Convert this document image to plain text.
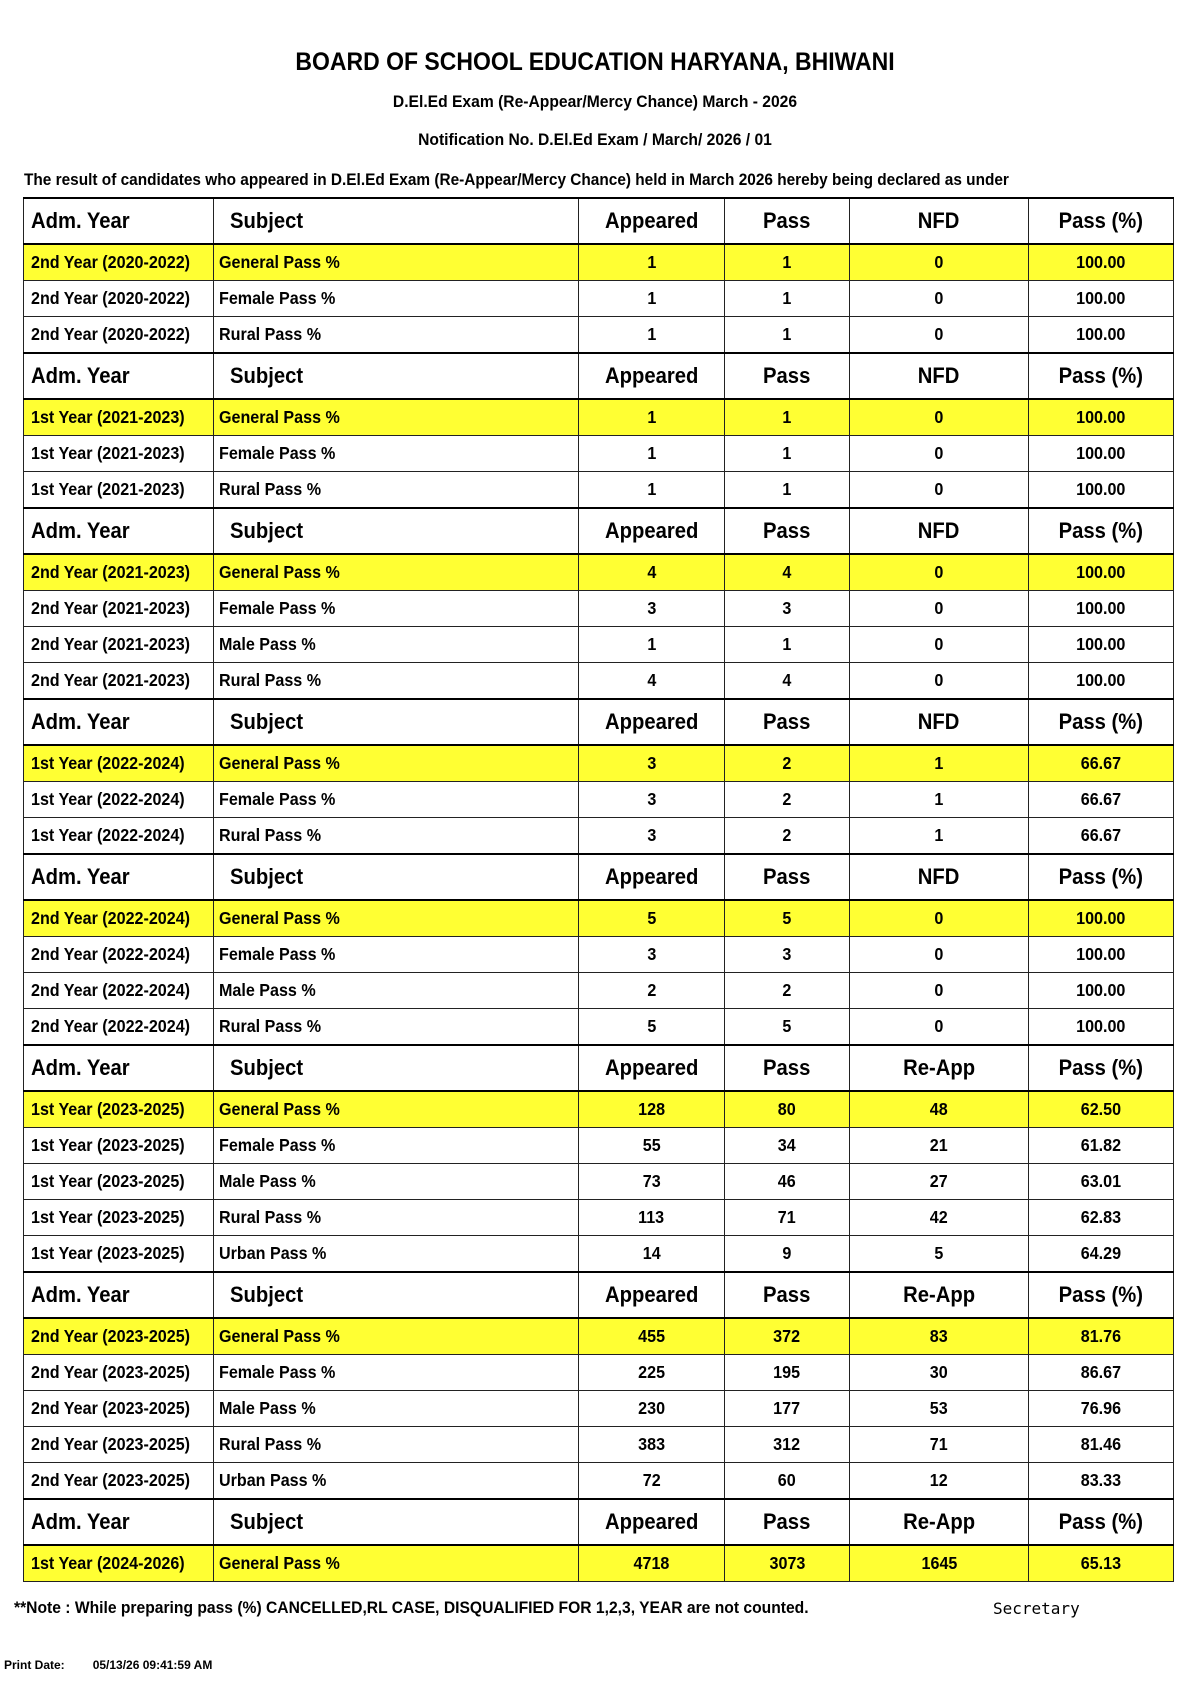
BOARD OF SCHOOL EDUCATION HARYANA, BHIWANI
D.El.Ed Exam (Re-Appear/Mercy Chance) March - 2026
Notification No. D.El.Ed Exam / March/ 2026 / 01
The result of candidates who appeared in D.El.Ed Exam (Re-Appear/Mercy Chance) held in March 2026 hereby being declared as under
Adm. Year	Subject	Appeared	Pass	NFD	Pass (%)
2nd Year (2020-2022)	General Pass %	1	1	0	100.00
2nd Year (2020-2022)	Female Pass %	1	1	0	100.00
2nd Year (2020-2022)	Rural Pass %	1	1	0	100.00
Adm. Year	Subject	Appeared	Pass	NFD	Pass (%)
1st Year (2021-2023)	General Pass %	1	1	0	100.00
1st Year (2021-2023)	Female Pass %	1	1	0	100.00
1st Year (2021-2023)	Rural Pass %	1	1	0	100.00
Adm. Year	Subject	Appeared	Pass	NFD	Pass (%)
2nd Year (2021-2023)	General Pass %	4	4	0	100.00
2nd Year (2021-2023)	Female Pass %	3	3	0	100.00
2nd Year (2021-2023)	Male Pass %	1	1	0	100.00
2nd Year (2021-2023)	Rural Pass %	4	4	0	100.00
Adm. Year	Subject	Appeared	Pass	NFD	Pass (%)
1st Year (2022-2024)	General Pass %	3	2	1	66.67
1st Year (2022-2024)	Female Pass %	3	2	1	66.67
1st Year (2022-2024)	Rural Pass %	3	2	1	66.67
Adm. Year	Subject	Appeared	Pass	NFD	Pass (%)
2nd Year (2022-2024)	General Pass %	5	5	0	100.00
2nd Year (2022-2024)	Female Pass %	3	3	0	100.00
2nd Year (2022-2024)	Male Pass %	2	2	0	100.00
2nd Year (2022-2024)	Rural Pass %	5	5	0	100.00
Adm. Year	Subject	Appeared	Pass	Re-App	Pass (%)
1st Year (2023-2025)	General Pass %	128	80	48	62.50
1st Year (2023-2025)	Female Pass %	55	34	21	61.82
1st Year (2023-2025)	Male Pass %	73	46	27	63.01
1st Year (2023-2025)	Rural Pass %	113	71	42	62.83
1st Year (2023-2025)	Urban Pass %	14	9	5	64.29
Adm. Year	Subject	Appeared	Pass	Re-App	Pass (%)
2nd Year (2023-2025)	General Pass %	455	372	83	81.76
2nd Year (2023-2025)	Female Pass %	225	195	30	86.67
2nd Year (2023-2025)	Male Pass %	230	177	53	76.96
2nd Year (2023-2025)	Rural Pass %	383	312	71	81.46
2nd Year (2023-2025)	Urban Pass %	72	60	12	83.33
Adm. Year	Subject	Appeared	Pass	Re-App	Pass (%)
1st Year (2024-2026)	General Pass %	4718	3073	1645	65.13
**Note : While preparing pass (%) CANCELLED,RL CASE, DISQUALIFIED FOR 1,2,3, YEAR are not counted.	Secretary
Print Date: 05/13/26 09:41:59 AM
